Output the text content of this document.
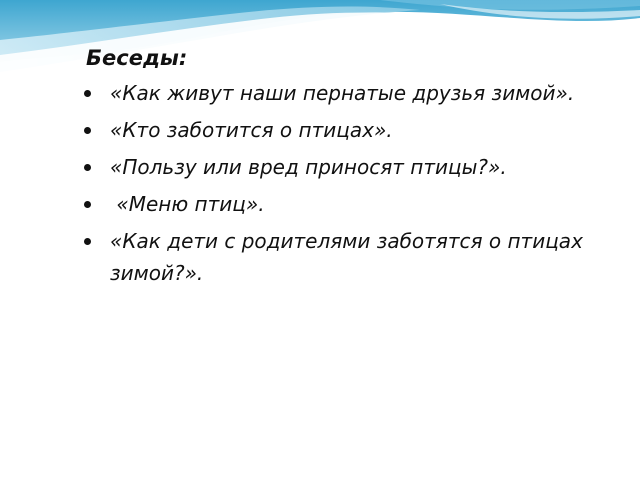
Беседы:
«Как живут наши пернатые друзья зимой».
«Кто заботится о птицах».
«Пользу или вред приносят птицы?».
«Меню птиц».
«Как дети с родителями заботятся о птицах зимой?».
